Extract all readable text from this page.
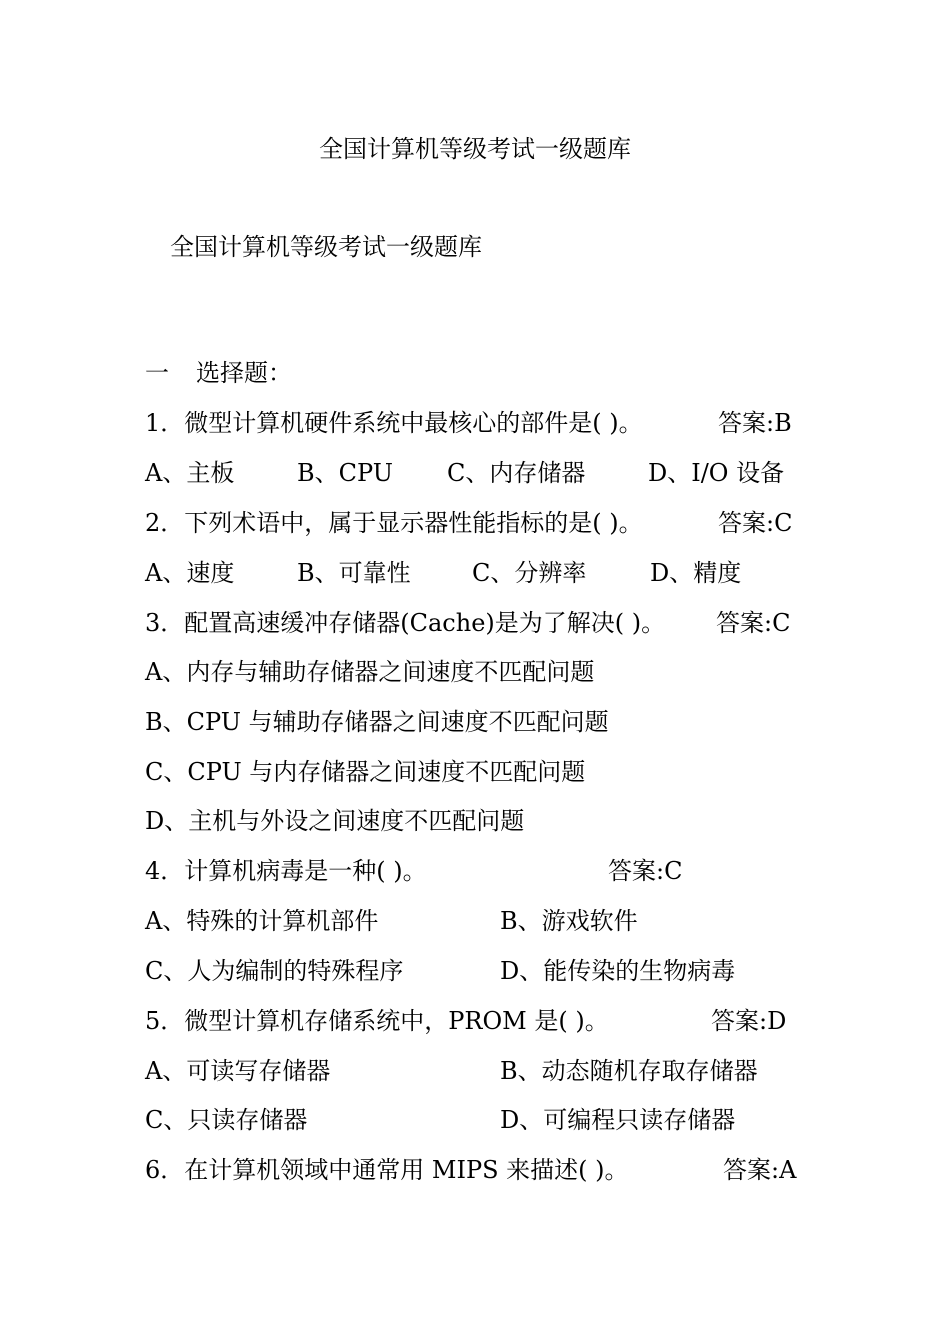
全国计算机等级考试一级题库
全国计算机等级考试一级题库
一 选择题：
1．微型计算机硬件系统中最核心的部件是( )。	答案:B
A、主板	B、CPU C、内存储器	D、I/O 设备
2．下列术语中，属于显示器性能指标的是( )。	答案:C
A、速度	B、可靠性	C、分辨率	D、精度
3．配置高速缓冲存储器(Cache)是为了解决( )。 答案:C
A、内存与辅助存储器之间速度不匹配问题
B、CPU 与辅助存储器之间速度不匹配问题
C、CPU 与内存储器之间速度不匹配问题
D、主机与外设之间速度不匹配问题
4．计算机病毒是一种( )。	答案:C
A、特殊的计算机部件	B、游戏软件
C、人为编制的特殊程序	D、能传染的生物病毒
5．微型计算机存储系统中，PROM 是( )。	答案:D
A、可读写存储器	B、动态随机存取存储器
C、只读存储器	D、可编程只读存储器
6．在计算机领域中通常用 MIPS 来描述( )。	答案:A
